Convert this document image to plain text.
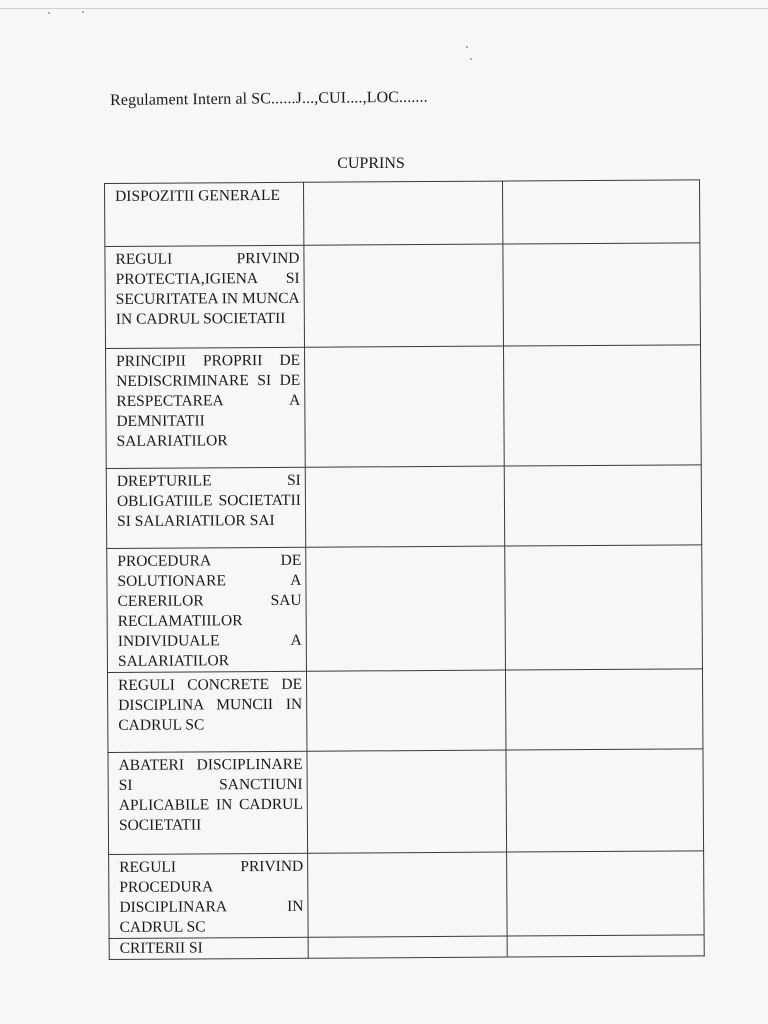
Regulament Intern al SC......J...,CUI....,LOC.......
CUPRINS
DISPOZITII GENERALE		

REGULI PRIVIND PROTECTIA,IGIENA SI SECURITATEA IN MUNCA IN CADRUL SOCIETATII		

PRINCIPII PROPRII DE NEDISCRIMINARE SI DE RESPECTAREA A DEMNITATII SALARIATILOR		

DREPTURILE SI OBLIGATIILE SOCIETATII SI SALARIATILOR SAI		

PROCEDURA DE SOLUTIONARE A CERERILOR SAU RECLAMATIILOR INDIVIDUALE A SALARIATILOR		

REGULI CONCRETE DE DISCIPLINA MUNCII IN CADRUL SC		

ABATERI DISCIPLINARE SI SANCTIUNI APLICABILE IN CADRUL SOCIETATII		

REGULI PRIVIND PROCEDURA DISCIPLINARA IN CADRUL SC		

CRITERII SI		
